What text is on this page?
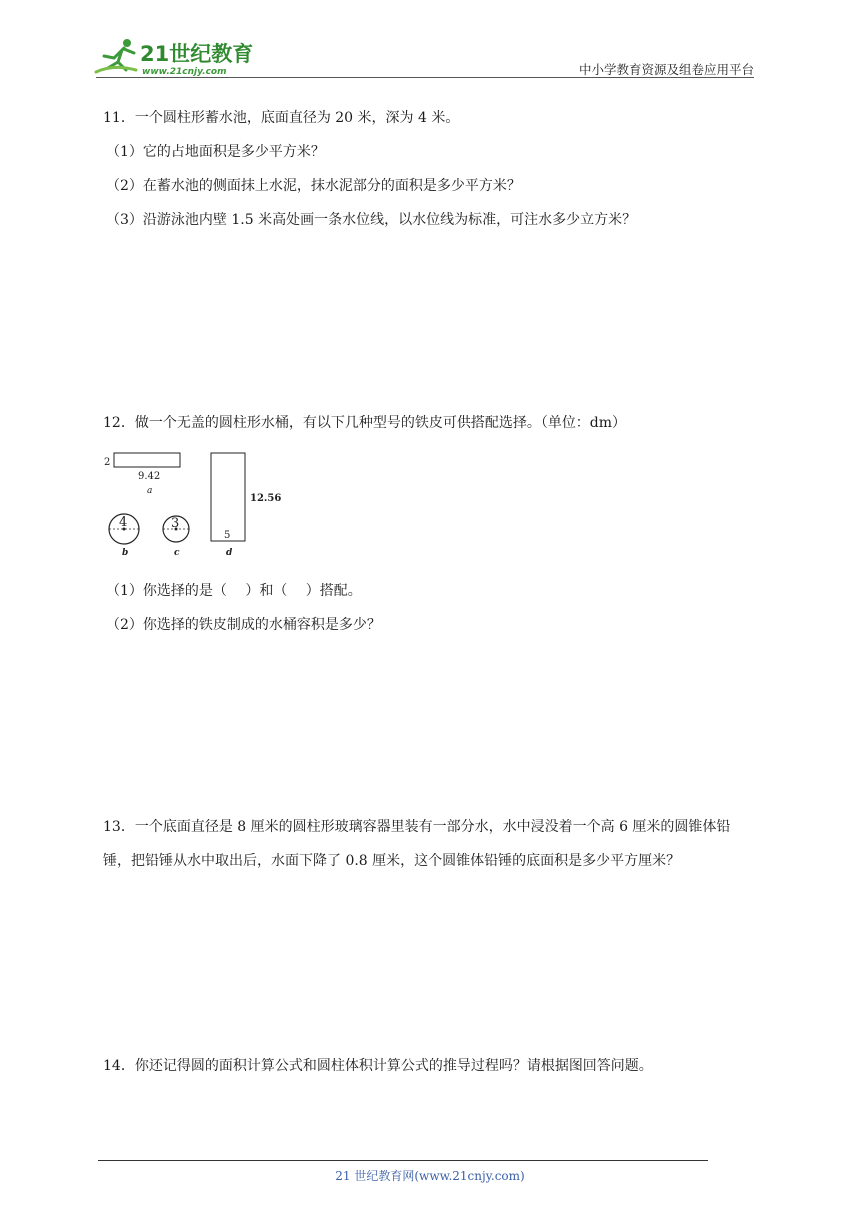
21世纪教育
www.21cnjy.com	中小学教育资源及组卷应用平台
11．一个圆柱形蓄水池，底面直径为 20 米，深为 4 米。
（1）它的占地面积是多少平方米？
（2）在蓄水池的侧面抹上水泥，抹水泥部分的面积是多少平方米？
（3）沿游泳池内壁 1.5 米高处画一条水位线，以水位线为标准，可注水多少立方米？
12．做一个无盖的圆柱形水桶，有以下几种型号的铁皮可供搭配选择。（单位：dm）
2
9.42
a
4
b
3
c
12.56
5
d
（1）你选择的是（　 ）和（　 ）搭配。
（2）你选择的铁皮制成的水桶容积是多少？
13．一个底面直径是 8 厘米的圆柱形玻璃容器里装有一部分水，水中浸没着一个高 6 厘米的圆锥体铅
锤，把铅锤从水中取出后，水面下降了 0.8 厘米，这个圆锥体铅锤的底面积是多少平方厘米？
14．你还记得圆的面积计算公式和圆柱体积计算公式的推导过程吗？请根据图回答问题。
21 世纪教育网(www.21cnjy.com)
